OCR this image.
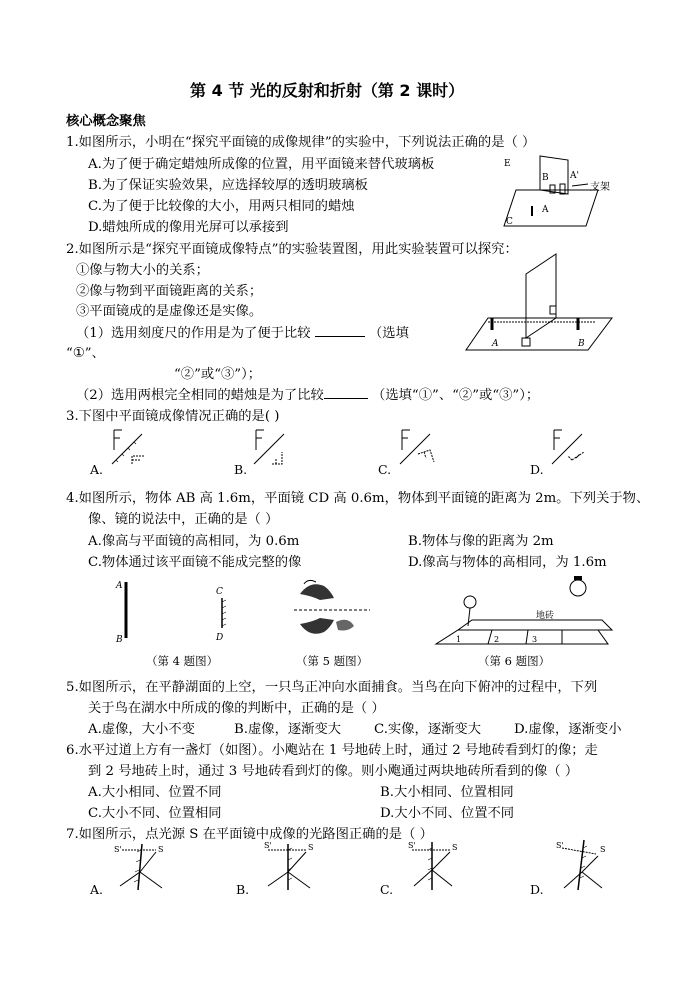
第 4 节 光的反射和折射（第 2 课时）
核心概念聚焦
1.如图所示，小明在“探究平面镜的成像规律”的实验中，下列说法正确的是（ ）
A.为了便于确定蜡烛所成像的位置，用平面镜来替代玻璃板
B.为了保证实验效果，应选择较厚的透明玻璃板
C.为了便于比较像的大小，用两只相同的蜡烛
D.蜡烛所成的像用光屏可以承接到
E
A
B A'
C
支架
2.如图所示是“探究平面镜成像特点”的实验装置图，用此实验装置可以探究：
①像与物大小的关系；
②像与物到平面镜距离的关系；
③平面镜成的是虚像还是实像。
（1）选用刻度尺的作用是为了便于比较	（选填
“①”、
“②”或“③”）；
（2）选用两根完全相同的蜡烛是为了比较	（选填“①”、“②”或“③”）；
A	B
3.下图中平面镜成像情况正确的是( )
A.	B.	C.	D.
4.如图所示，物体 AB 高 1.6m，平面镜 CD 高 0.6m，物体到平面镜的距离为 2m。下列关于物、
像、镜的说法中，正确的是（ ）
A.像高与平面镜的高相同，为 0.6m	B.物体与像的距离为 2m
C.物体通过该平面镜不能成完整的像	D.像高与物体的高相同，为 1.6m
A
B
C
D
地砖
1	2	3
（第 4 题图）	（第 5 题图）	（第 6 题图）
5.如图所示，在平静湖面的上空，一只鸟正冲向水面捕食。当鸟在向下俯冲的过程中，下列
关于鸟在湖水中所成的像的判断中，正确的是（ ）
A.虚像，大小不变	B.虚像，逐渐变大 C.实像，逐渐变大 D.虚像，逐渐变小
6.水平过道上方有一盏灯（如图）。小飑站在 1 号地砖上时，通过 2 号地砖看到灯的像；走
到 2 号地砖上时，通过 3 号地砖看到灯的像。则小飑通过两块地砖所看到的像（ ）
A.大小相同、位置不同	B.大小相同、位置相同
C.大小不同、位置相同	D.大小不同、位置不同
7.如图所示，点光源 S 在平面镜中成像的光路图正确的是（ ）
S'	S
A.
S'	S
B.
S'	S
C.
S'	S
D.
